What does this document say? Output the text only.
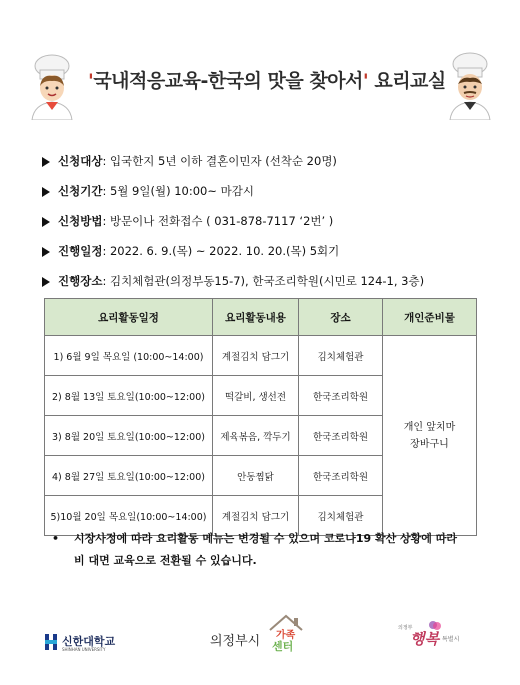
'국내적응교육-한국의 맛을 찾아서' 요리교실
신청대상: 입국한지 5년 이하 결혼이민자 (선착순 20명)
신청기간: 5월 9일(월) 10:00~ 마감시
신청방법: 방문이나 전화접수 ( 031-878-7117 ‘2번’ )
진행일정: 2022. 6. 9.(목) ~ 2022. 10. 20.(목) 5회기
진행장소: 김치체험관(의정부동15-7), 한국조리학원(시민로 124-1, 3층)
요리활동일정	요리활동내용	장소	개인준비물
1) 6월 9일 목요일 (10:00~14:00)	계절김치 담그기	김치체험관	개인 앞치마
장바구니
2) 8월 13일 토요일(10:00~12:00)	떡갈비, 생선전	한국조리학원	
3) 8월 20일 토요일(10:00~12:00)	제육볶음, 깍두기	한국조리학원	
4) 8월 27일 토요일(10:00~12:00)	안동찜닭	한국조리학원	
5)10월 20일 목요일(10:00~14:00)	계절김치 담그기	김치체험관	
• 시장사정에 따라 요리활동 메뉴는 변경될 수 있으며 코로나19 확산 상황에 따라
비 대면 교육으로 전환될 수 있습니다.
신한대학교
SHINHAN UNIVERSITY
의정부시 가족
센터
의정부
행복 특별시
